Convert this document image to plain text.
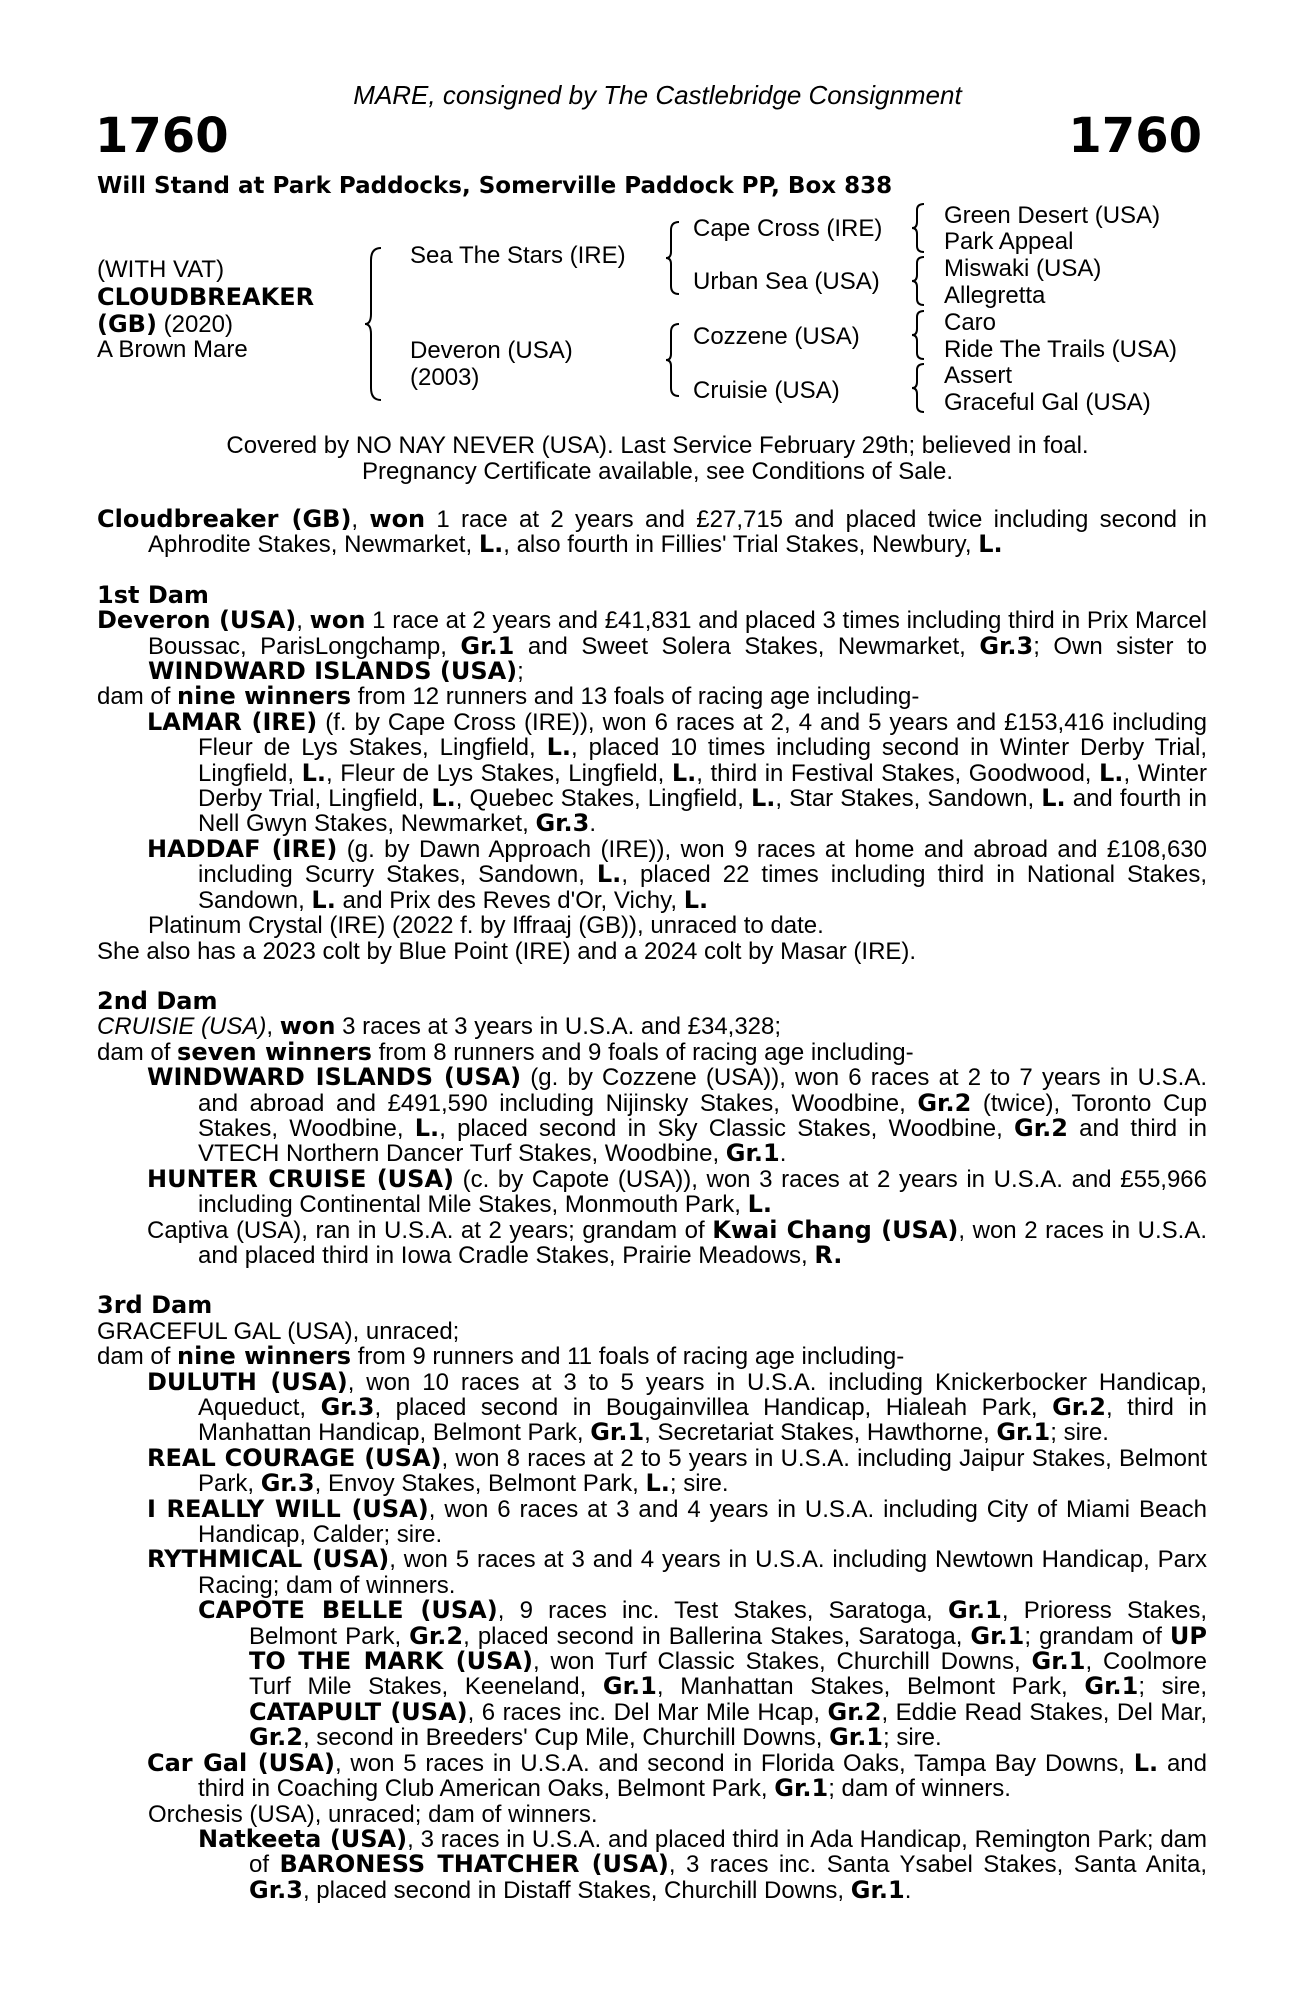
MARE, consigned by The Castlebridge Consignment
1760	1760
Will Stand at Park Paddocks, Somerville Paddock PP, Box 838
(WITH VAT)
CLOUDBREAKER
(GB) (2020)
A Brown Mare
Sea The Stars (IRE)
Deveron (USA)
(2003)
Cape Cross (IRE)
Urban Sea (USA)
Cozzene (USA)
Cruisie (USA)
Green Desert (USA)
Park Appeal
Miswaki (USA)
Allegretta
Caro
Ride The Trails (USA)
Assert
Graceful Gal (USA)
Covered by NO NAY NEVER (USA). Last Service February 29th; believed in foal.
Pregnancy Certificate available, see Conditions of Sale.
Cloudbreaker (GB), won 1 race at 2 years and £27,715 and placed twice including second in Aphrodite Stakes, Newmarket, L., also fourth in Fillies' Trial Stakes, Newbury, L.
1st Dam
Deveron (USA), won 1 race at 2 years and £41,831 and placed 3 times including third in Prix Marcel Boussac, ParisLongchamp, Gr.1 and Sweet Solera Stakes, Newmarket, Gr.3; Own sister to WINDWARD ISLANDS (USA);
dam of nine winners from 12 runners and 13 foals of racing age including-
LAMAR (IRE) (f. by Cape Cross (IRE)), won 6 races at 2, 4 and 5 years and £153,416 including Fleur de Lys Stakes, Lingfield, L., placed 10 times including second in Winter Derby Trial, Lingfield, L., Fleur de Lys Stakes, Lingfield, L., third in Festival Stakes, Goodwood, L., Winter Derby Trial, Lingfield, L., Quebec Stakes, Lingfield, L., Star Stakes, Sandown, L. and fourth in Nell Gwyn Stakes, Newmarket, Gr.3.
HADDAF (IRE) (g. by Dawn Approach (IRE)), won 9 races at home and abroad and £108,630 including Scurry Stakes, Sandown, L., placed 22 times including third in National Stakes, Sandown, L. and Prix des Reves d'Or, Vichy, L.
Platinum Crystal (IRE) (2022 f. by Iffraaj (GB)), unraced to date.
She also has a 2023 colt by Blue Point (IRE) and a 2024 colt by Masar (IRE).
2nd Dam
CRUISIE (USA), won 3 races at 3 years in U.S.A. and £34,328;
dam of seven winners from 8 runners and 9 foals of racing age including-
WINDWARD ISLANDS (USA) (g. by Cozzene (USA)), won 6 races at 2 to 7 years in U.S.A. and abroad and £491,590 including Nijinsky Stakes, Woodbine, Gr.2 (twice), Toronto Cup Stakes, Woodbine, L., placed second in Sky Classic Stakes, Woodbine, Gr.2 and third in VTECH Northern Dancer Turf Stakes, Woodbine, Gr.1.
HUNTER CRUISE (USA) (c. by Capote (USA)), won 3 races at 2 years in U.S.A. and £55,966 including Continental Mile Stakes, Monmouth Park, L.
Captiva (USA), ran in U.S.A. at 2 years; grandam of Kwai Chang (USA), won 2 races in U.S.A. and placed third in Iowa Cradle Stakes, Prairie Meadows, R.
3rd Dam
GRACEFUL GAL (USA), unraced;
dam of nine winners from 9 runners and 11 foals of racing age including-
DULUTH (USA), won 10 races at 3 to 5 years in U.S.A. including Knickerbocker Handicap, Aqueduct, Gr.3, placed second in Bougainvillea Handicap, Hialeah Park, Gr.2, third in Manhattan Handicap, Belmont Park, Gr.1, Secretariat Stakes, Hawthorne, Gr.1; sire.
REAL COURAGE (USA), won 8 races at 2 to 5 years in U.S.A. including Jaipur Stakes, Belmont Park, Gr.3, Envoy Stakes, Belmont Park, L.; sire.
I REALLY WILL (USA), won 6 races at 3 and 4 years in U.S.A. including City of Miami Beach Handicap, Calder; sire.
RYTHMICAL (USA), won 5 races at 3 and 4 years in U.S.A. including Newtown Handicap, Parx Racing; dam of winners.
CAPOTE BELLE (USA), 9 races inc. Test Stakes, Saratoga, Gr.1, Prioress Stakes, Belmont Park, Gr.2, placed second in Ballerina Stakes, Saratoga, Gr.1; grandam of UP TO THE MARK (USA), won Turf Classic Stakes, Churchill Downs, Gr.1, Coolmore Turf Mile Stakes, Keeneland, Gr.1, Manhattan Stakes, Belmont Park, Gr.1; sire, CATAPULT (USA), 6 races inc. Del Mar Mile Hcap, Gr.2, Eddie Read Stakes, Del Mar, Gr.2, second in Breeders' Cup Mile, Churchill Downs, Gr.1; sire.
Car Gal (USA), won 5 races in U.S.A. and second in Florida Oaks, Tampa Bay Downs, L. and third in Coaching Club American Oaks, Belmont Park, Gr.1; dam of winners.
Orchesis (USA), unraced; dam of winners.
Natkeeta (USA), 3 races in U.S.A. and placed third in Ada Handicap, Remington Park; dam of BARONESS THATCHER (USA), 3 races inc. Santa Ysabel Stakes, Santa Anita, Gr.3, placed second in Distaff Stakes, Churchill Downs, Gr.1.
